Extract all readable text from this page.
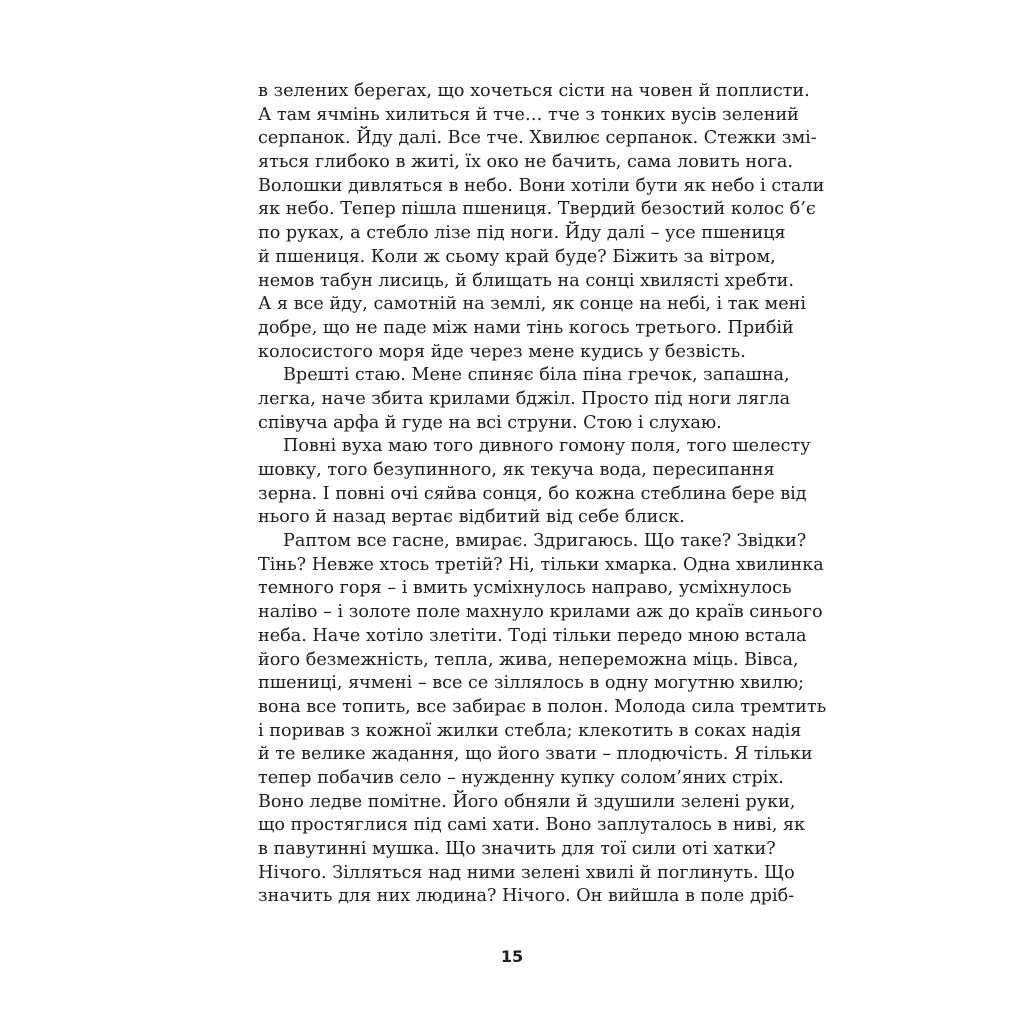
в зелених берегах, що хочеться сісти на човен й поплисти.
А там ячмінь хилиться й тче… тче з тонких вусів зелений
серпанок. Йду далі. Все тче. Хвилює серпанок. Стежки змі-
яться глибоко в житі, їх око не бачить, сама ловить нога.
Волошки дивляться в небо. Вони хотіли бути як небо і стали
як небо. Тепер пішла пшениця. Твердий безостий колос б’є
по руках, а стебло лізе під ноги. Йду далі – усе пшениця
й пшениця. Коли ж сьому край буде? Біжить за вітром,
немов табун лисиць, й блищать на сонці хвилясті хребти.
А я все йду, самотній на землі, як сонце на небі, і так мені
добре, що не паде між нами тінь когось третього. Прибій
колосистого моря йде через мене кудись у безвість.
Врешті стаю. Мене спиняє біла піна гречок, запашна,
легка, наче збита крилами бджіл. Просто під ноги лягла
співуча арфа й гуде на всі струни. Стою і слухаю.
Повні вуха маю того дивного гомону поля, того шелесту
шовку, того безупинного, як текуча вода, пересипання
зерна. І повні очі сяйва сонця, бо кожна стеблина бере від
нього й назад вертає відбитий від себе блиск.
Раптом все гасне, вмирає. Здригаюсь. Що таке? Звідки?
Тінь? Невже хтось третій? Ні, тільки хмарка. Одна хвилинка
темного горя – і вмить усміхнулось направо, усміхнулось
наліво – і золоте поле махнуло крилами аж до країв синього
неба. Наче хотіло злетіти. Тоді тільки передо мною встала
його безмежність, тепла, жива, непереможна міць. Вівса,
пшениці, ячмені – все се зіллялось в одну могутню хвилю;
вона все топить, все забирає в полон. Молода сила тремтить
і поривав з кожної жилки стебла; клекотить в соках надія
й те велике жадання, що його звати – плодючість. Я тільки
тепер побачив село – нужденну купку солом’яних стріх.
Воно ледве помітне. Його обняли й здушили зелені руки,
що простяглися під самі хати. Воно заплуталось в ниві, як
в павутинні мушка. Що значить для тої сили оті хатки?
Нічого. Зілляться над ними зелені хвилі й поглинуть. Що
значить для них людина? Нічого. Он вийшла в поле дріб-
15
